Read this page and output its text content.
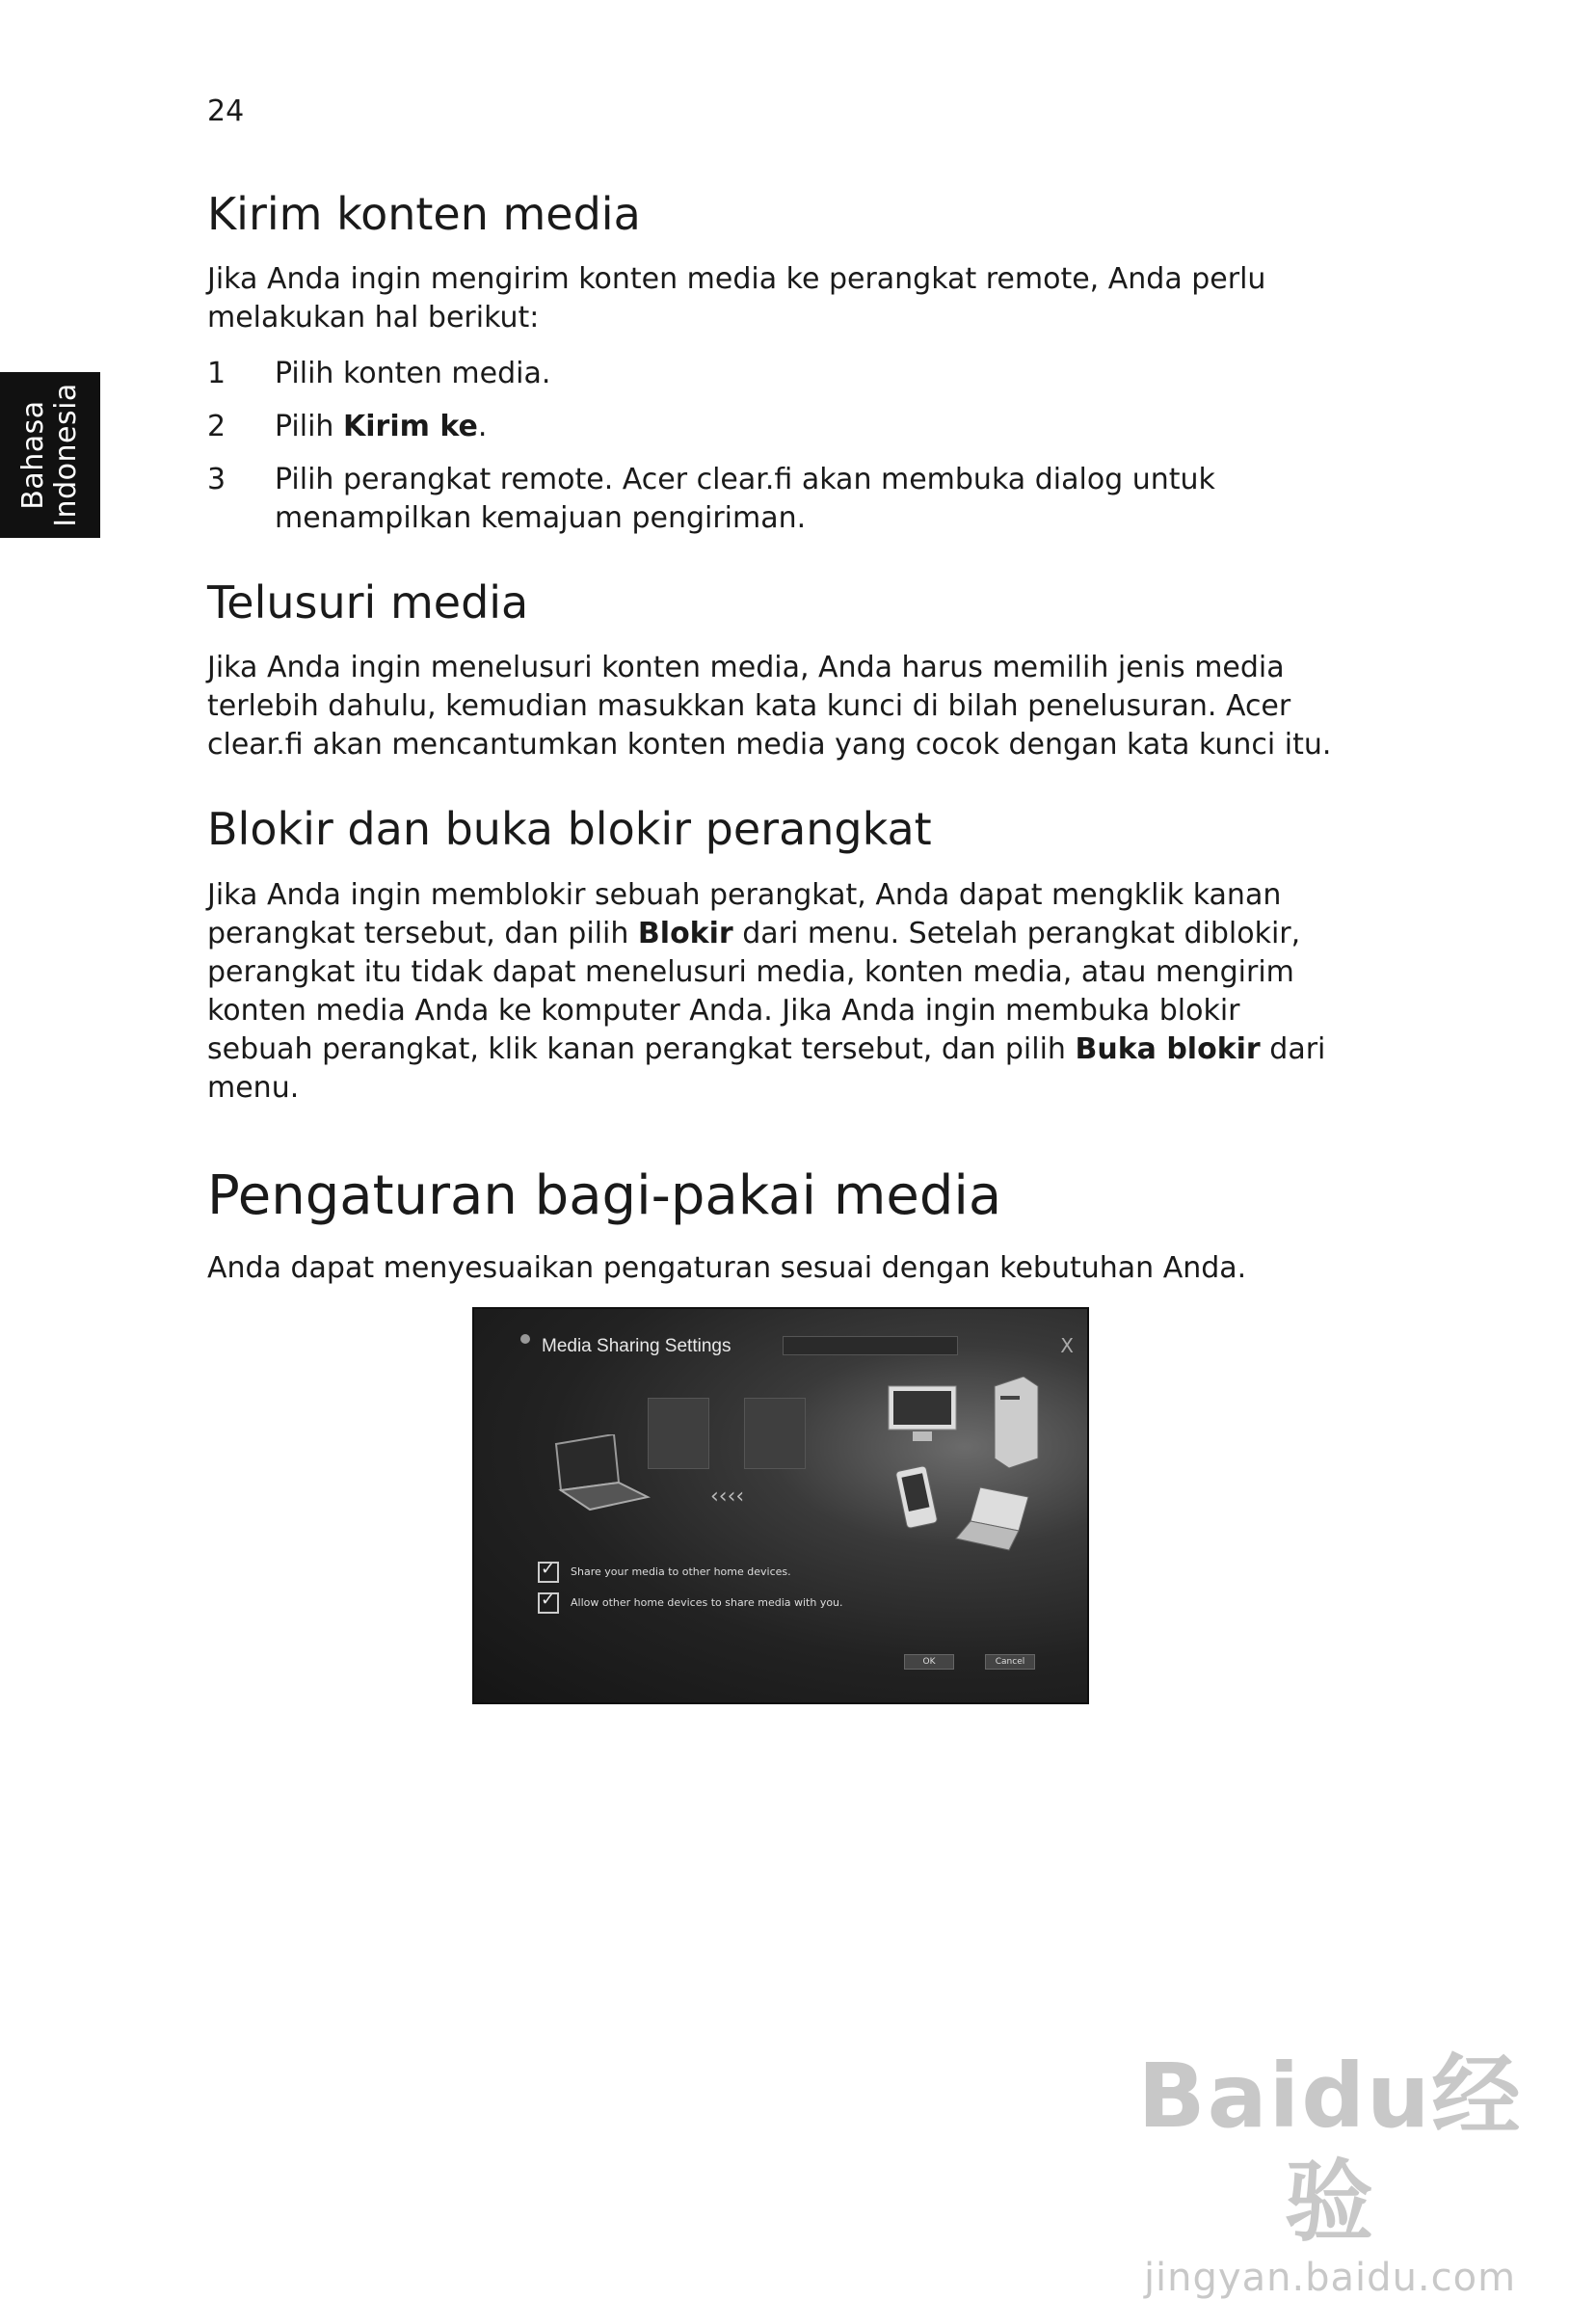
24
Bahasa Indonesia
Kirim konten media

Jika Anda ingin mengirim konten media ke perangkat remote, Anda perlu melakukan hal berikut:

1	Pilih konten media.
2	Pilih Kirim ke.
3	Pilih perangkat remote. Acer clear.fi akan membuka dialog untuk menampilkan kemajuan pengiriman.
Telusuri media

Jika Anda ingin menelusuri konten media, Anda harus memilih jenis media terlebih dahulu, kemudian masukkan kata kunci di bilah penelusuran. Acer clear.fi akan mencantumkan konten media yang cocok dengan kata kunci itu.

Blokir dan buka blokir perangkat

Jika Anda ingin memblokir sebuah perangkat, Anda dapat mengklik kanan perangkat tersebut, dan pilih Blokir dari menu. Setelah perangkat diblokir, perangkat itu tidak dapat menelusuri media, konten media, atau mengirim konten media Anda ke komputer Anda. Jika Anda ingin membuka blokir sebuah perangkat, klik kanan perangkat tersebut, dan pilih Buka blokir dari menu.

Pengaturan bagi-pakai media

Anda dapat menyesuaikan pengaturan sesuai dengan kebutuhan Anda.

Media Sharing Settings	X
‹‹‹‹
✓
Share your media to other home devices.
✓
Allow other home devices to share media with you.
OK	Cancel
Baidu经验
jingyan.baidu.com
